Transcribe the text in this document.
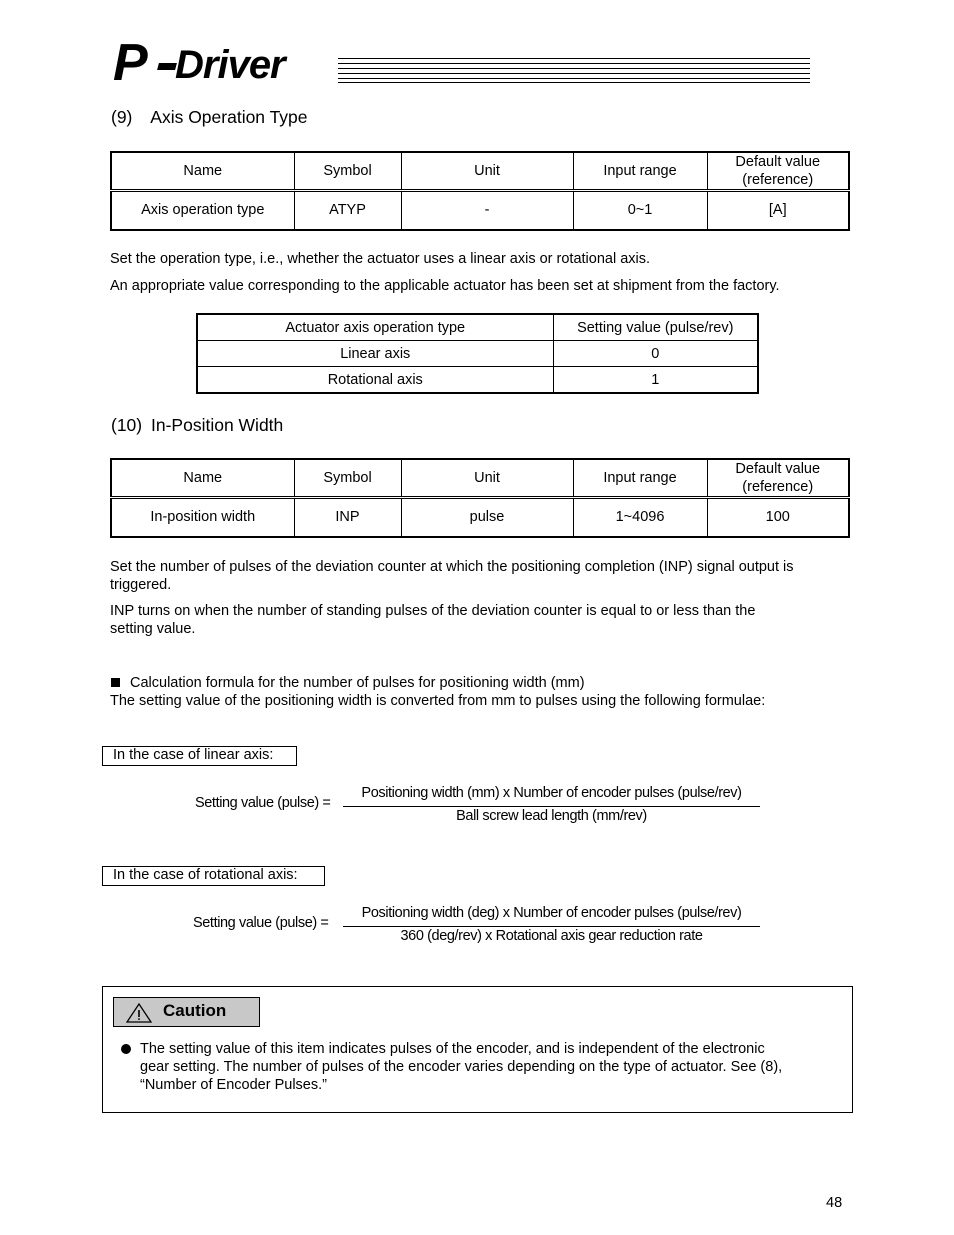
P Driver
(9) Axis Operation Type
Name	Symbol	Unit	Input range	Default value
(reference)
Axis operation type	ATYP	-	0~1	[A]
Set the operation type, i.e., whether the actuator uses a linear axis or rotational axis.
An appropriate value corresponding to the applicable actuator has been set at shipment from the factory.
Actuator axis operation type	Setting value (pulse/rev)
Linear axis	0
Rotational axis	1
(10) In-Position Width
Name	Symbol	Unit	Input range	Default value
(reference)
In-position width	INP	pulse	1~4096	100
Set the number of pulses of the deviation counter at which the positioning completion (INP) signal output is
triggered.
INP turns on when the number of standing pulses of the deviation counter is equal to or less than the
setting value.
Calculation formula for the number of pulses for positioning width (mm)
The setting value of the positioning width is converted from mm to pulses using the following formulae:
In the case of linear axis:
Setting value (pulse) =
Positioning width (mm) x Number of encoder pulses (pulse/rev)
Ball screw lead length (mm/rev)
In the case of rotational axis:
Setting value (pulse) =
Positioning width (deg) x Number of encoder pulses (pulse/rev)
360 (deg/rev) x Rotational axis gear reduction rate
Caution
The setting value of this item indicates pulses of the encoder, and is independent of the electronic
gear setting. The number of pulses of the encoder varies depending on the type of actuator. See (8),
“Number of Encoder Pulses.”
48
